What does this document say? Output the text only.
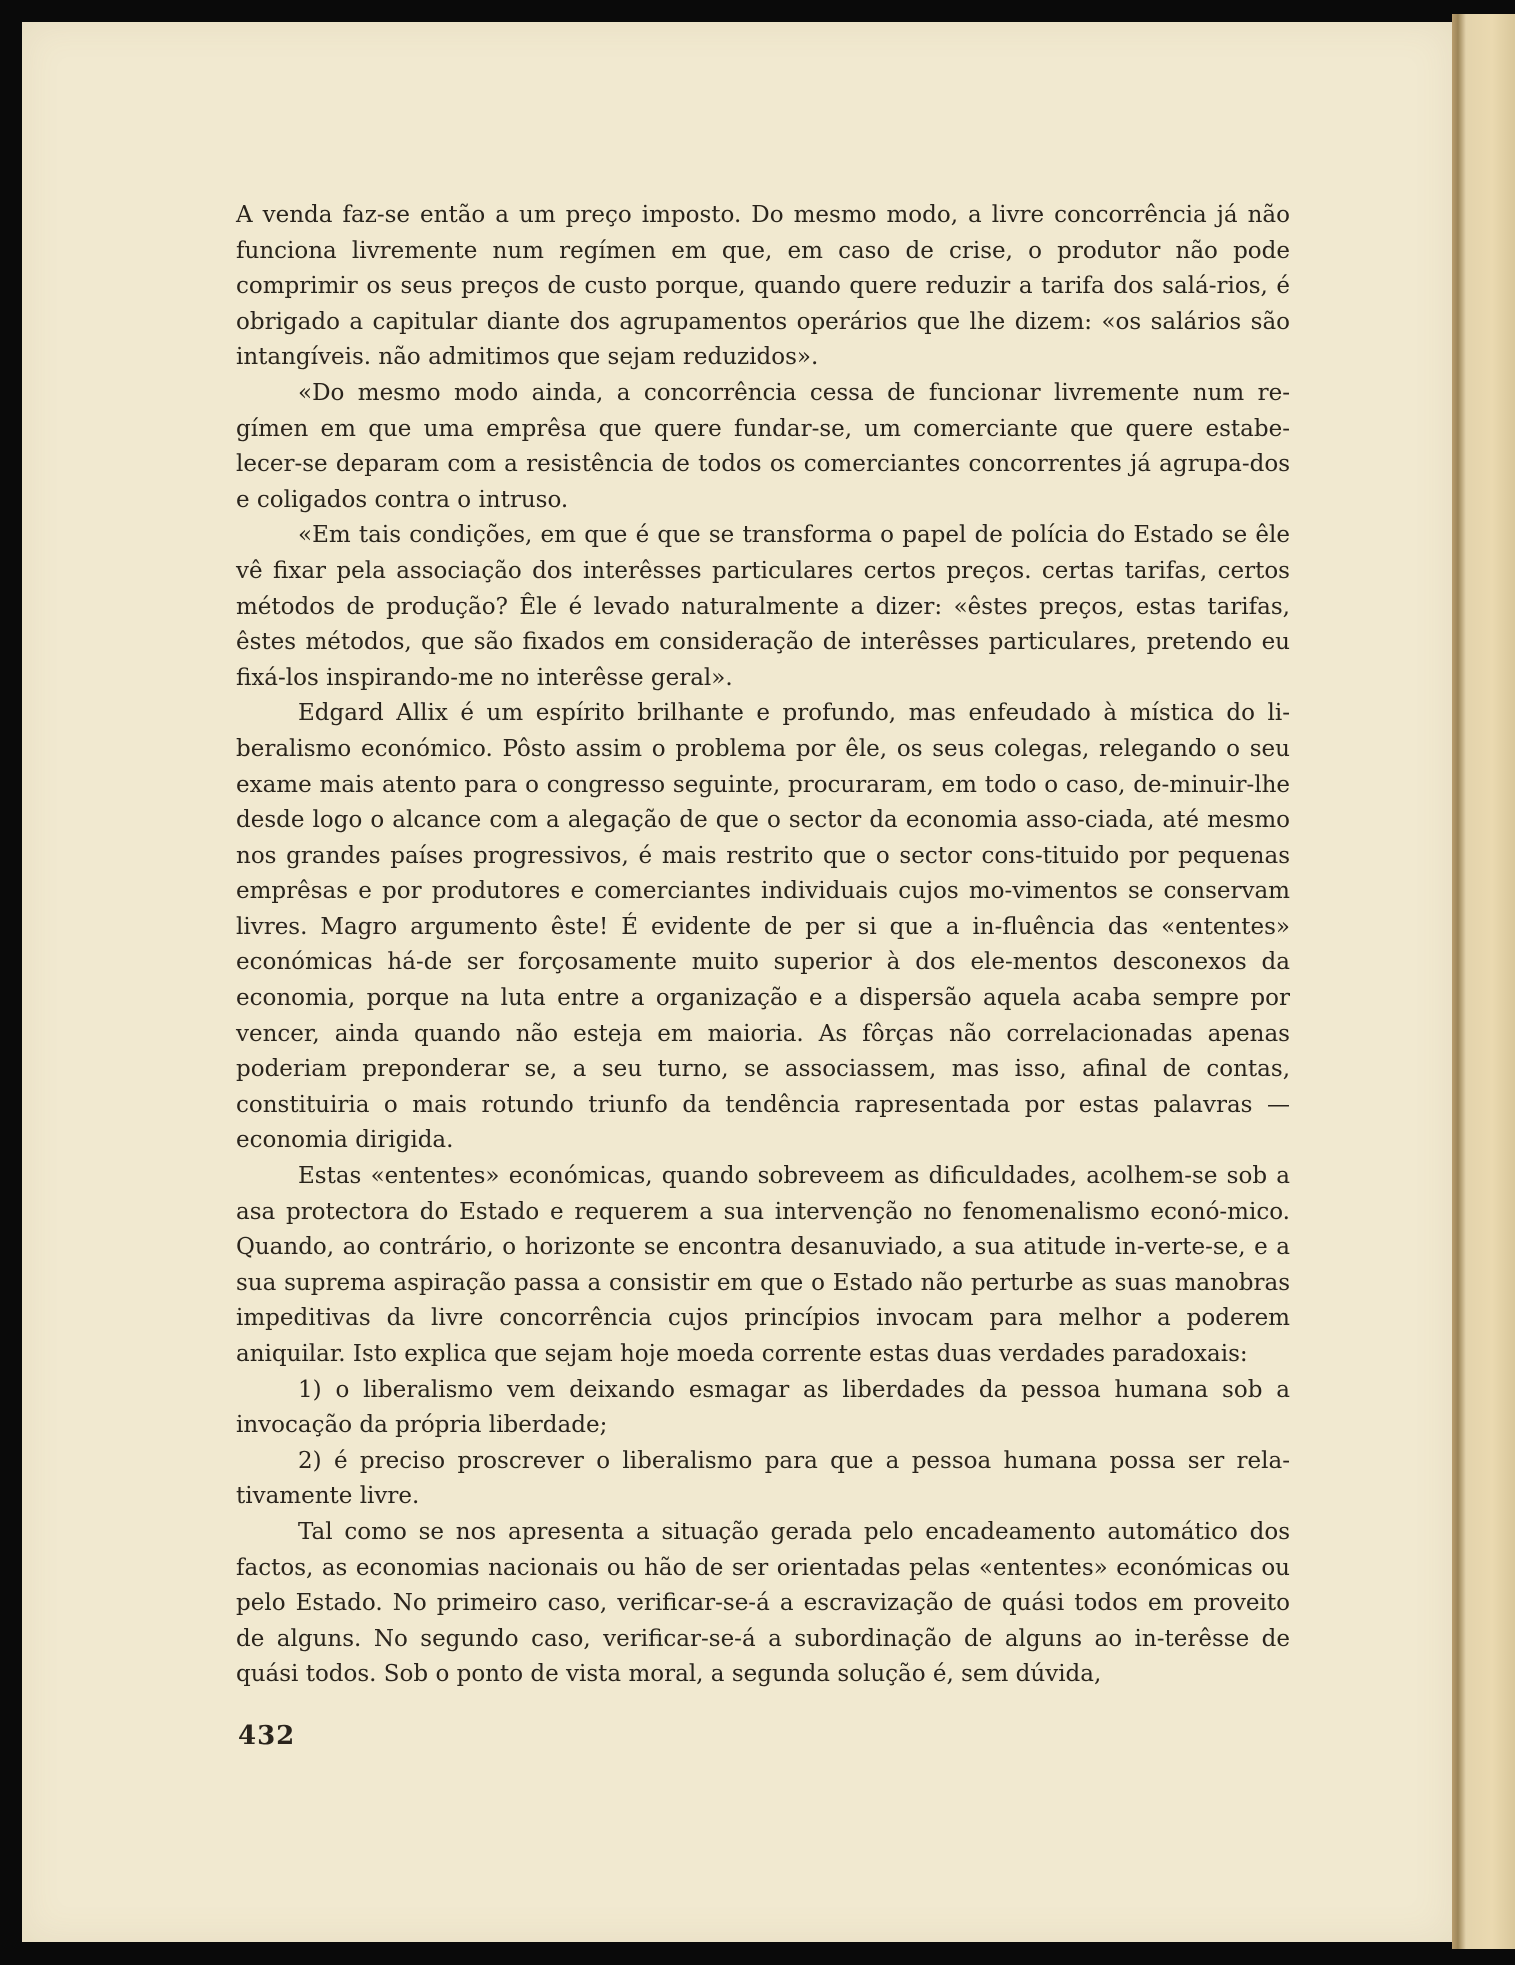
A venda faz-se então a um preço imposto. Do mesmo modo, a livre concorrência já não funciona livremente num regímen em que, em caso de crise, o produtor não pode comprimir os seus preços de custo porque, quando quere reduzir a tarifa dos salá-rios, é obrigado a capitular diante dos agrupamentos operários que lhe dizem: «os salários são intangíveis. não admitimos que sejam reduzidos».

«Do mesmo modo ainda, a concorrência cessa de funcionar livremente num re-gímen em que uma emprêsa que quere fundar-se, um comerciante que quere estabe-lecer-se deparam com a resistência de todos os comerciantes concorrentes já agrupa-dos e coligados contra o intruso.

«Em tais condições, em que é que se transforma o papel de polícia do Estado se êle vê fixar pela associação dos interêsses particulares certos preços. certas tarifas, certos métodos de produção? Êle é levado naturalmente a dizer: «êstes preços, estas tarifas, êstes métodos, que são fixados em consideração de interêsses particulares, pretendo eu fixá-los inspirando-me no interêsse geral».

Edgard Allix é um espírito brilhante e profundo, mas enfeudado à mística do li-beralismo económico. Pôsto assim o problema por êle, os seus colegas, relegando o seu exame mais atento para o congresso seguinte, procuraram, em todo o caso, de-minuir-lhe desde logo o alcance com a alegação de que o sector da economia asso-ciada, até mesmo nos grandes países progressivos, é mais restrito que o sector cons-tituido por pequenas emprêsas e por produtores e comerciantes individuais cujos mo-vimentos se conservam livres. Magro argumento êste! É evidente de per si que a in-fluência das «ententes» económicas há-de ser forçosamente muito superior à dos ele-mentos desconexos da economia, porque na luta entre a organização e a dispersão aquela acaba sempre por vencer, ainda quando não esteja em maioria. As fôrças não correlacionadas apenas poderiam preponderar se, a seu turno, se associassem, mas isso, afinal de contas, constituiria o mais rotundo triunfo da tendência rapresentada por estas palavras — economia dirigida.

Estas «ententes» económicas, quando sobreveem as dificuldades, acolhem-se sob a asa protectora do Estado e requerem a sua intervenção no fenomenalismo econó-mico. Quando, ao contrário, o horizonte se encontra desanuviado, a sua atitude in-verte-se, e a sua suprema aspiração passa a consistir em que o Estado não perturbe as suas manobras impeditivas da livre concorrência cujos princípios invocam para melhor a poderem aniquilar. Isto explica que sejam hoje moeda corrente estas duas verdades paradoxais:

1) o liberalismo vem deixando esmagar as liberdades da pessoa humana sob a invocação da própria liberdade;

2) é preciso proscrever o liberalismo para que a pessoa humana possa ser rela-tivamente livre.

Tal como se nos apresenta a situação gerada pelo encadeamento automático dos factos, as economias nacionais ou hão de ser orientadas pelas «ententes» económicas ou pelo Estado. No primeiro caso, verificar-se-á a escravização de quási todos em proveito de alguns. No segundo caso, verificar-se-á a subordinação de alguns ao in-terêsse de quási todos. Sob o ponto de vista moral, a segunda solução é, sem dúvida,

432
